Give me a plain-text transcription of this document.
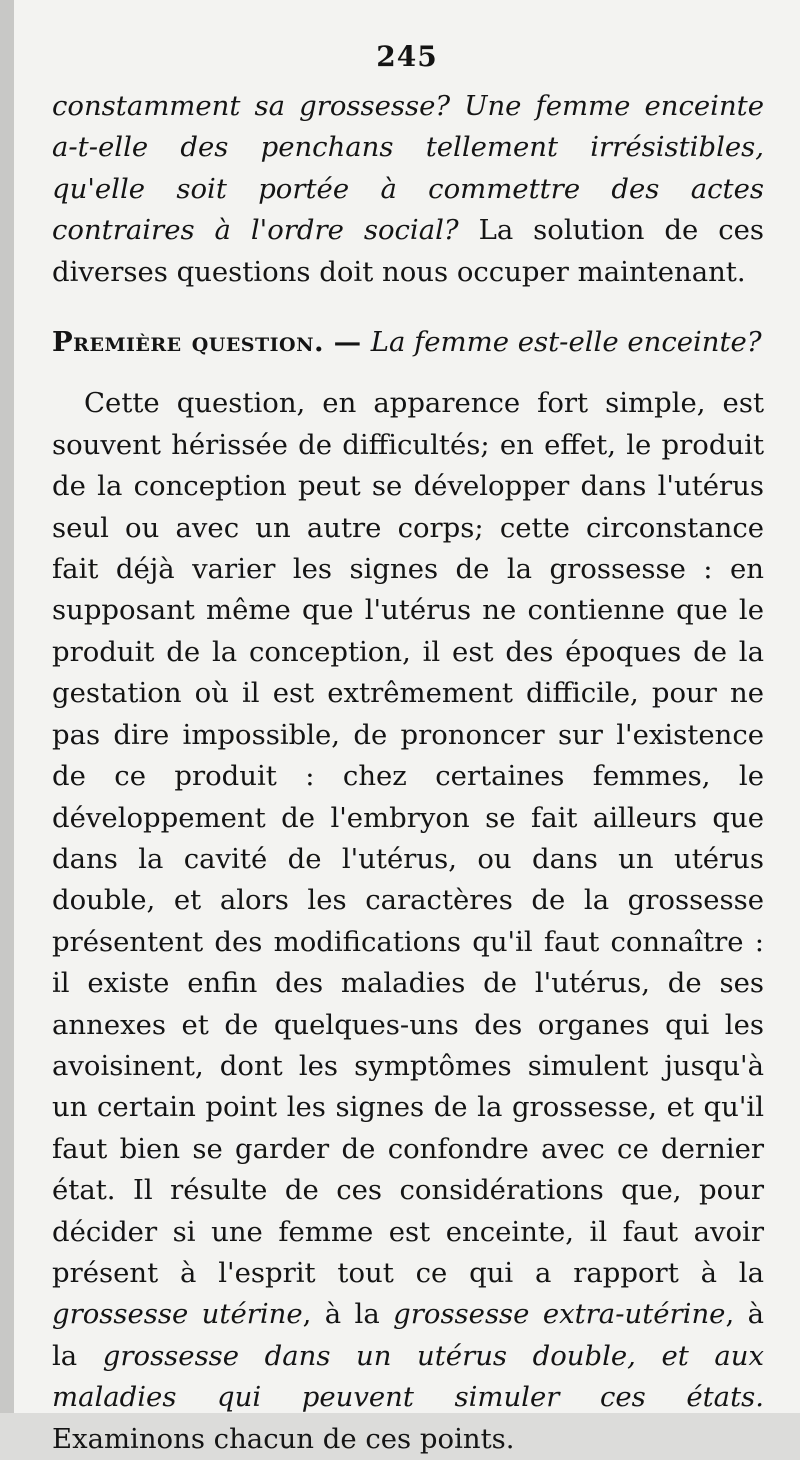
245

constamment sa grossesse? Une femme enceinte a-t-elle des penchans tellement irrésistibles, qu'elle soit portée à commettre des actes contraires à l'ordre social? La solution de ces diverses questions doit nous occuper maintenant.

Première question. — La femme est-elle enceinte?

Cette question, en apparence fort simple, est souvent hérissée de difficultés; en effet, le produit de la conception peut se développer dans l'utérus seul ou avec un autre corps; cette circonstance fait déjà varier les signes de la grossesse : en supposant même que l'utérus ne contienne que le produit de la conception, il est des époques de la gestation où il est extrêmement difficile, pour ne pas dire impossible, de prononcer sur l'existence de ce produit : chez certaines femmes, le développement de l'embryon se fait ailleurs que dans la cavité de l'utérus, ou dans un utérus double, et alors les caractères de la grossesse présentent des modifications qu'il faut connaître : il existe enfin des maladies de l'utérus, de ses annexes et de quelques-uns des organes qui les avoisinent, dont les symptômes simulent jusqu'à un certain point les signes de la grossesse, et qu'il faut bien se garder de confondre avec ce dernier état. Il résulte de ces considérations que, pour décider si une femme est enceinte, il faut avoir présent à l'esprit tout ce qui a rapport à la grossesse utérine, à la grossesse extra-utérine, à la grossesse dans un utérus double, et aux maladies qui peuvent simuler ces états. Examinons chacun de ces points.
